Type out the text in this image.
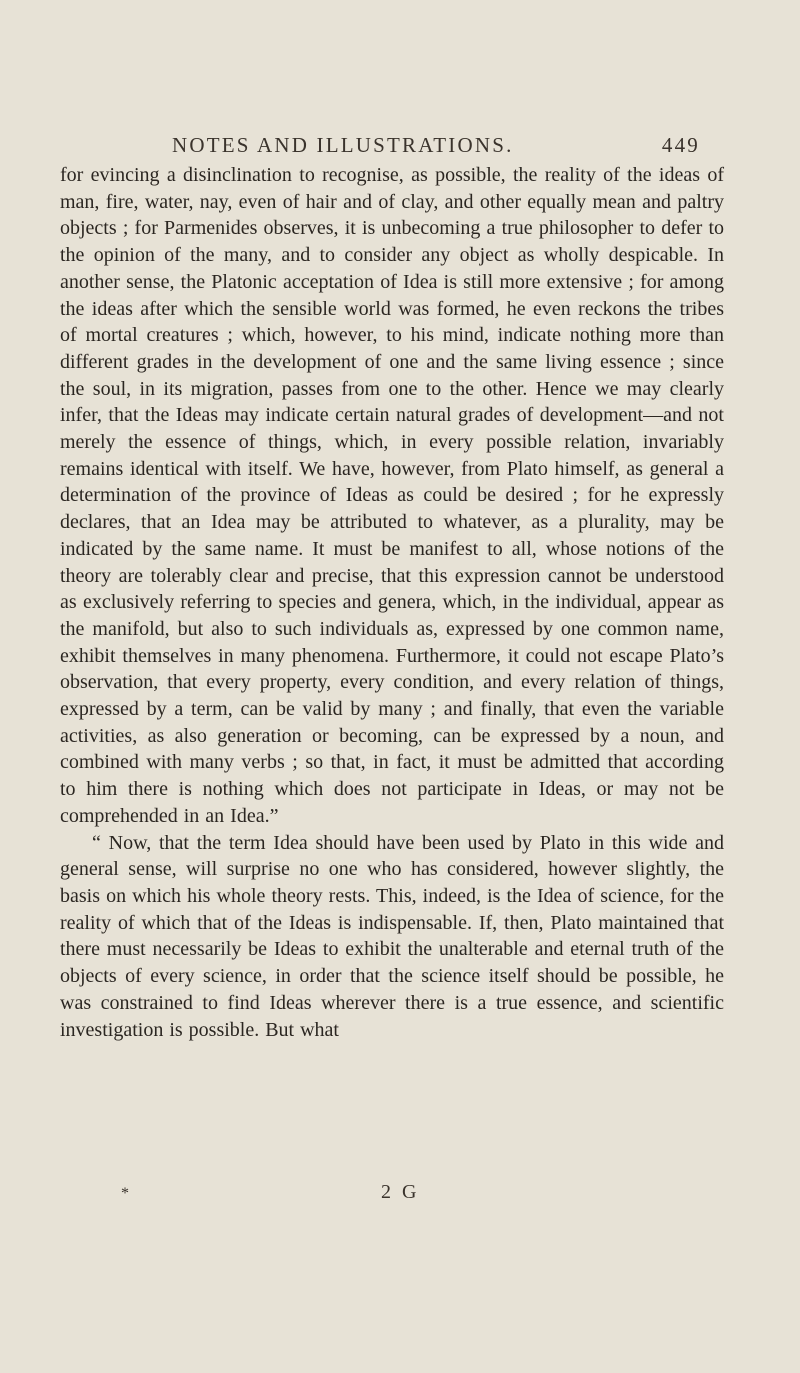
NOTES AND ILLUSTRATIONS.	449

for evincing a disinclination to recognise, as possible, the reality of the ideas of man, fire, water, nay, even of hair and of clay, and other equally mean and paltry objects ; for Parmenides observes, it is unbecoming a true philosopher to defer to the opinion of the many, and to consider any object as wholly despicable. In another sense, the Platonic acceptation of Idea is still more extensive ; for among the ideas after which the sensible world was formed, he even reckons the tribes of mortal creatures ; which, however, to his mind, indicate nothing more than different grades in the development of one and the same living essence ; since the soul, in its migration, passes from one to the other. Hence we may clearly infer, that the Ideas may indicate certain natural grades of development—and not merely the essence of things, which, in every possible relation, invariably remains identical with itself. We have, however, from Plato himself, as general a determination of the province of Ideas as could be desired ; for he expressly declares, that an Idea may be attributed to whatever, as a plurality, may be indicated by the same name. It must be manifest to all, whose notions of the theory are tolerably clear and precise, that this expression cannot be understood as exclusively referring to species and genera, which, in the individual, appear as the manifold, but also to such individuals as, expressed by one common name, exhibit themselves in many phenomena. Furthermore, it could not escape Plato’s observation, that every property, every condition, and every relation of things, expressed by a term, can be valid by many ; and finally, that even the variable activities, as also generation or becoming, can be expressed by a noun, and combined with many verbs ; so that, in fact, it must be admitted that according to him there is nothing which does not participate in Ideas, or may not be comprehended in an Idea.”

“ Now, that the term Idea should have been used by Plato in this wide and general sense, will surprise no one who has considered, however slightly, the basis on which his whole theory rests. This, indeed, is the Idea of science, for the reality of which that of the Ideas is indispensable. If, then, Plato maintained that there must necessarily be Ideas to exhibit the unalterable and eternal truth of the objects of every science, in order that the science itself should be possible, he was constrained to find Ideas wherever there is a true essence, and scientific investigation is possible. But what

*	2 G
